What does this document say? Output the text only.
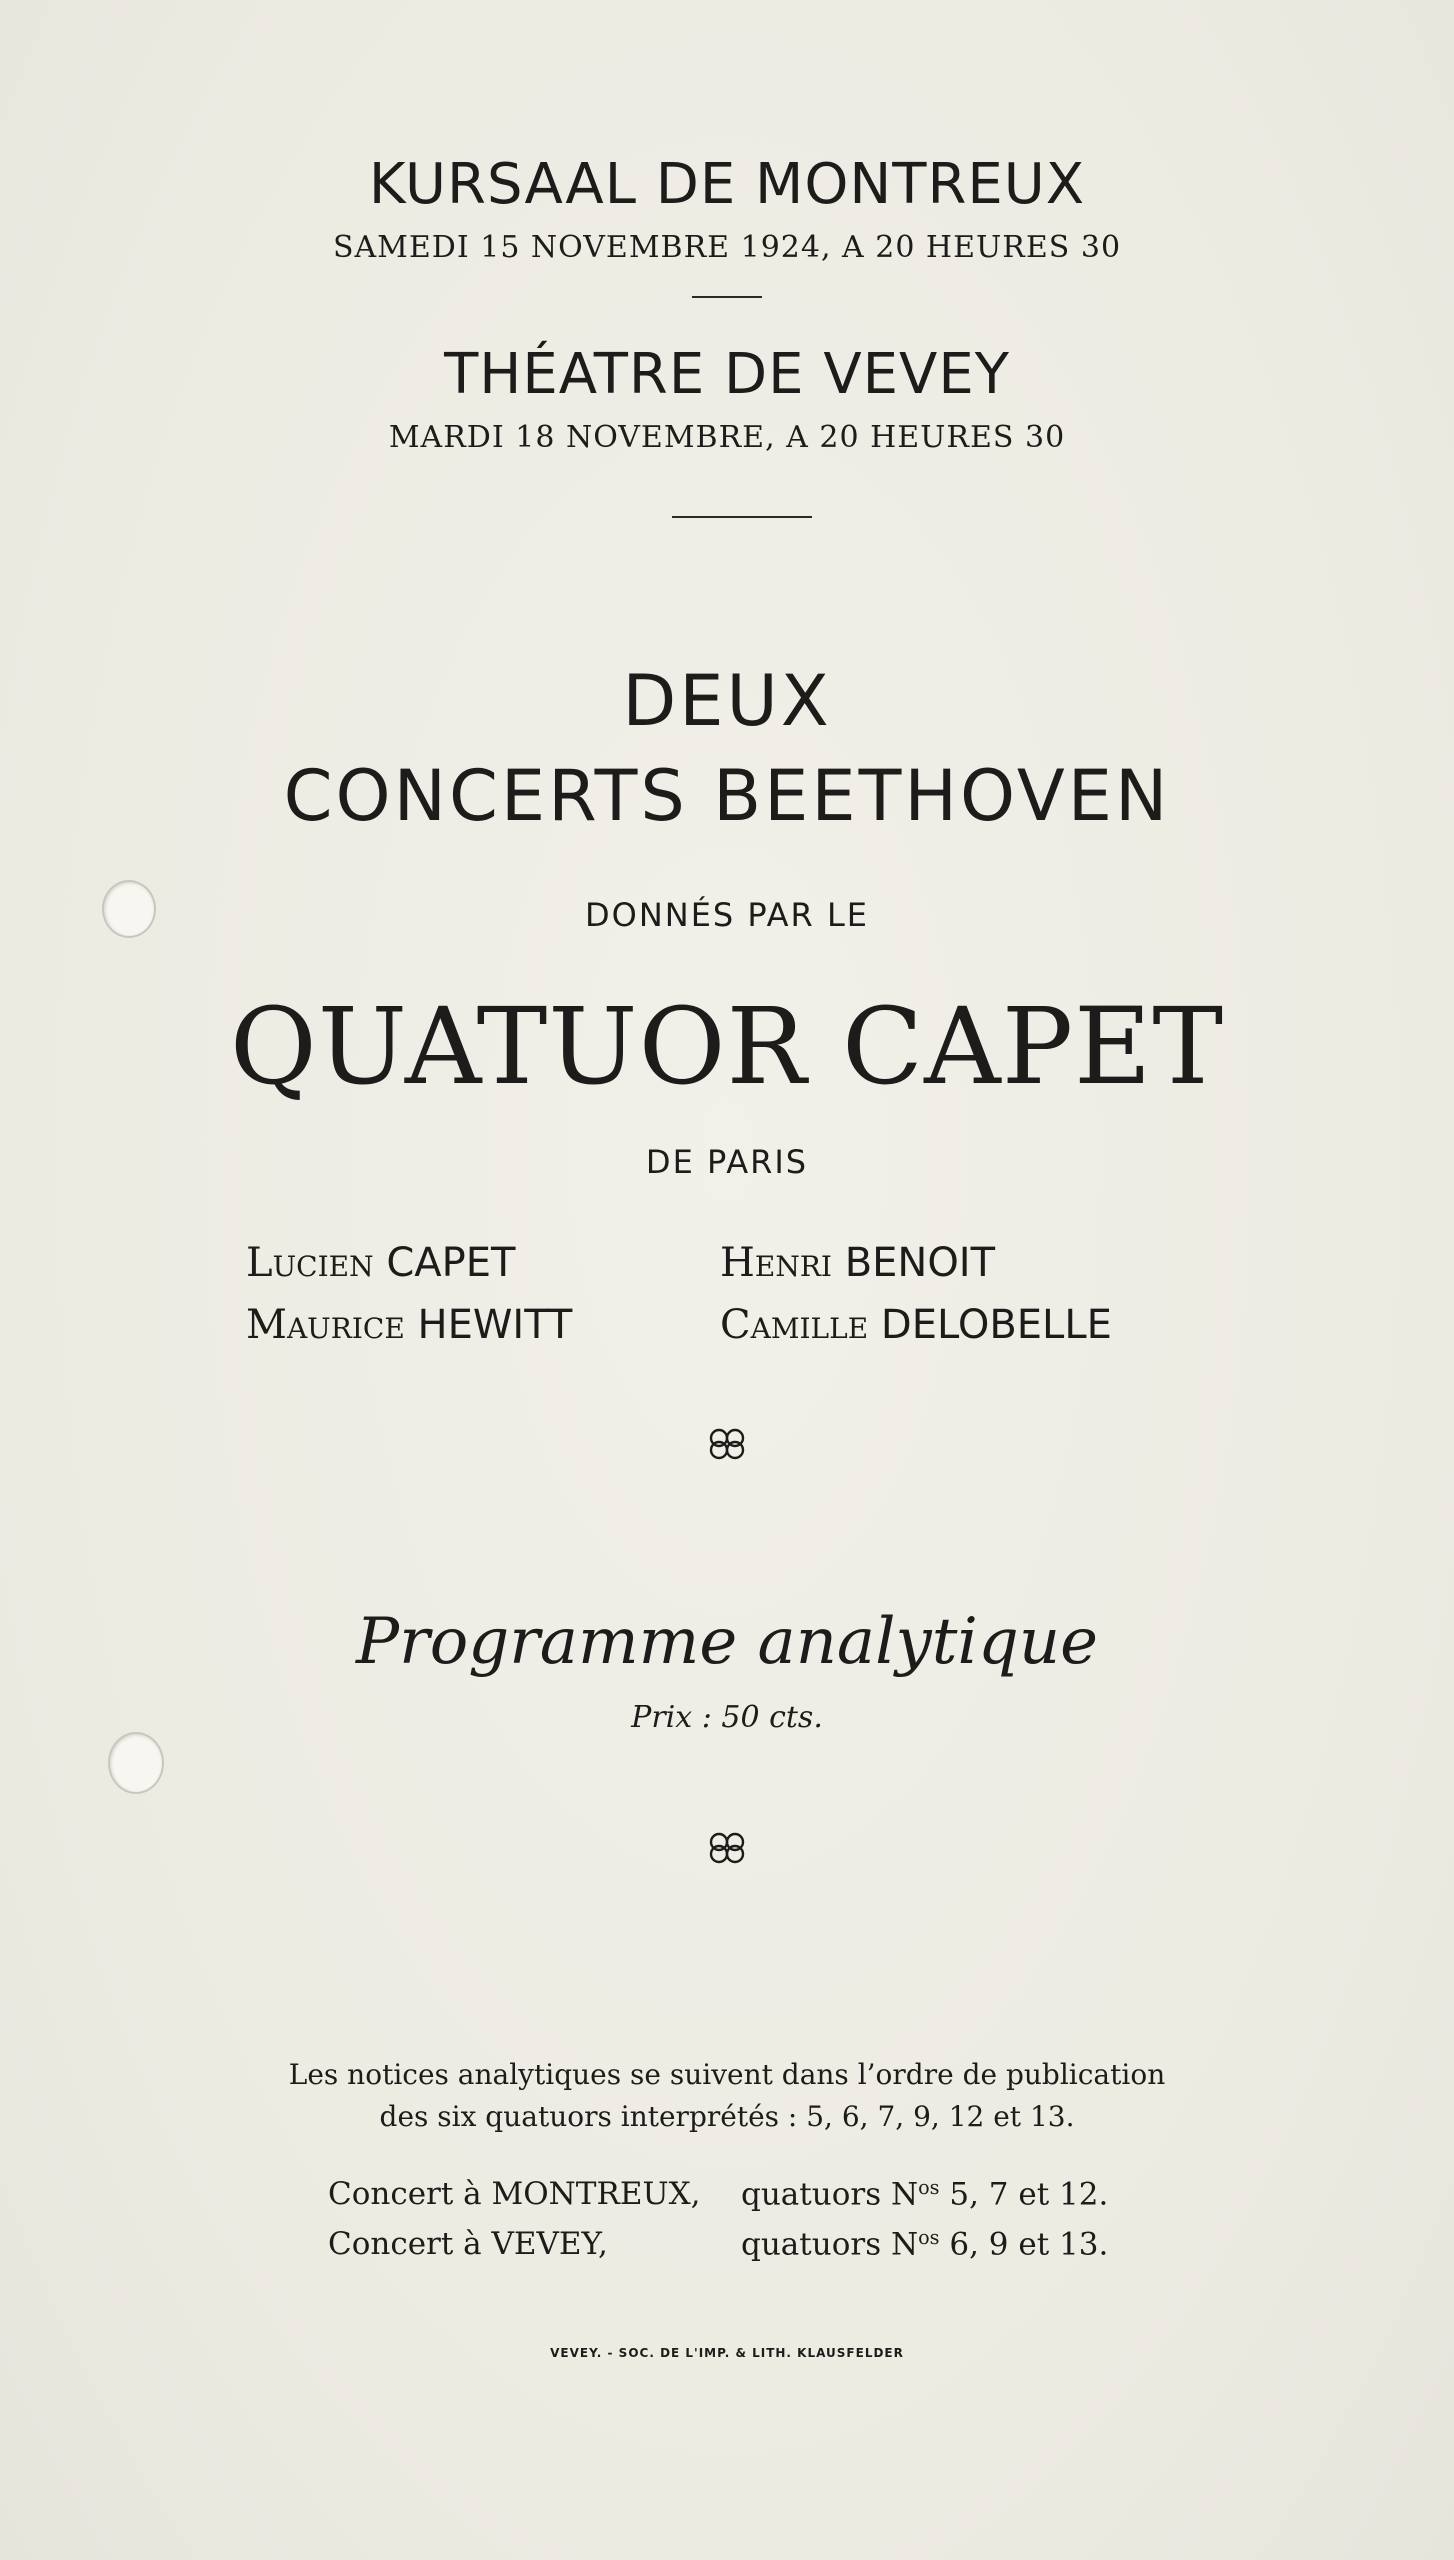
KURSAAL DE MONTREUX
SAMEDI 15 NOVEMBRE 1924, A 20 HEURES 30
THÉATRE DE VEVEY
MARDI 18 NOVEMBRE, A 20 HEURES 30
DEUX
CONCERTS BEETHOVEN
DONNÉS PAR LE
QUATUOR CAPET
DE PARIS
Lucien CAPET	Henri BENOIT
Maurice HEWITT	Camille DELOBELLE
Programme analytique
Prix : 50 cts.
Les notices analytiques se suivent dans l’ordre de publication
des six quatuors interprétés : 5, 6, 7, 9, 12 et 13.
Concert à MONTREUX, quatuors $N^{os}$ 5, 7 et 12.
Concert à VEVEY,	quatuors $N^{os}$ 6, 9 et 13.
VEVEY. - SOC. DE L'IMP. & LITH. KLAUSFELDER
